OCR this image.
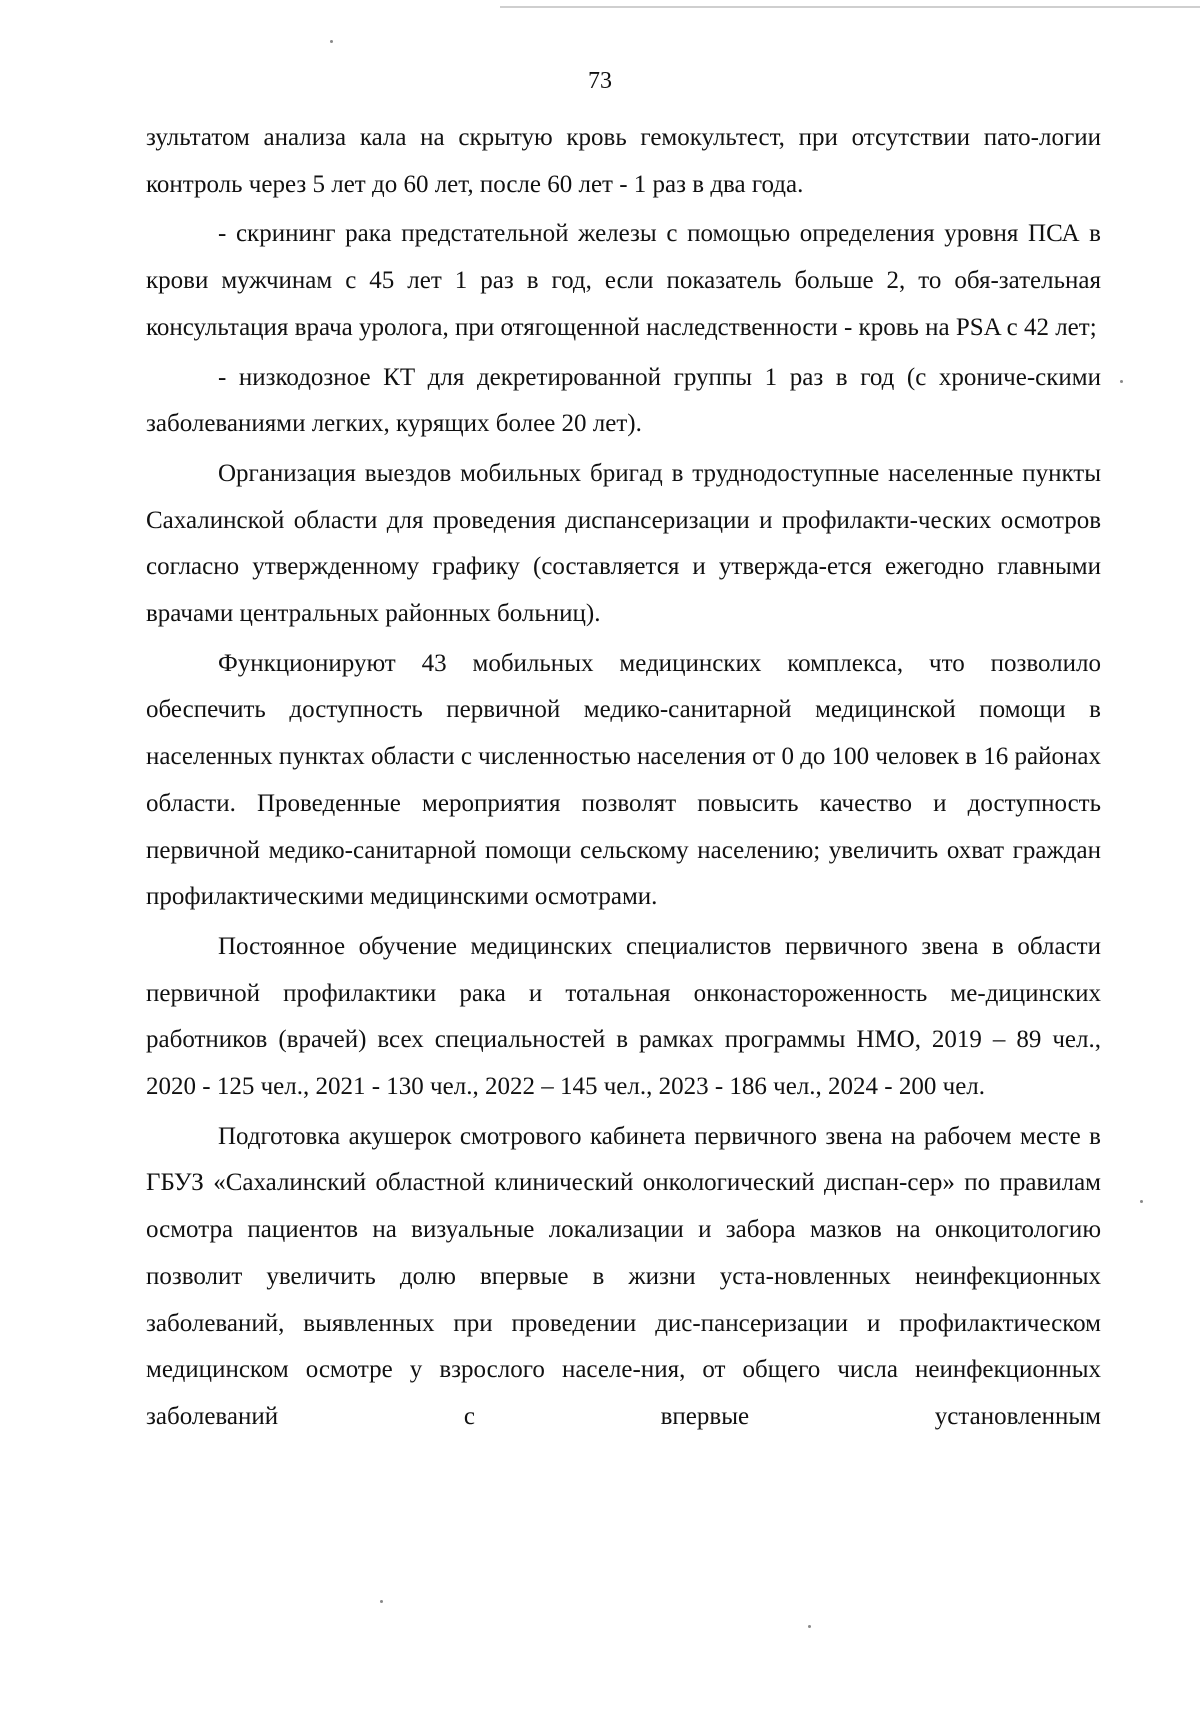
73

зультатом анализа кала на скрытую кровь гемокультест, при отсутствии пато-логии контроль через 5 лет до 60 лет, после 60 лет - 1 раз в два года.

- скрининг рака предстательной железы с помощью определения уровня ПСА в крови мужчинам с 45 лет 1 раз в год, если показатель больше 2, то обя-зательная консультация врача уролога, при отягощенной наследственности - кровь на PSA с 42 лет;

- низкодозное КТ для декретированной группы 1 раз в год (с хрониче-скими заболеваниями легких, курящих более 20 лет).

Организация выездов мобильных бригад в труднодоступные населенные пункты Сахалинской области для проведения диспансеризации и профилакти-ческих осмотров согласно утвержденному графику (составляется и утвержда-ется ежегодно главными врачами центральных районных больниц).

Функционируют 43 мобильных медицинских комплекса, что позволило обеспечить доступность первичной медико-санитарной медицинской помощи в населенных пунктах области с численностью населения от 0 до 100 человек в 16 районах области. Проведенные мероприятия позволят повысить качество и доступность первичной медико-санитарной помощи сельскому населению; увеличить охват граждан профилактическими медицинскими осмотрами.

Постоянное обучение медицинских специалистов первичного звена в области первичной профилактики рака и тотальная онконастороженность ме-дицинских работников (врачей) всех специальностей в рамках программы НМО, 2019 – 89 чел., 2020 - 125 чел., 2021 - 130 чел., 2022 – 145 чел., 2023 - 186 чел., 2024 - 200 чел.

Подготовка акушерок смотрового кабинета первичного звена на рабочем месте в ГБУЗ «Сахалинский областной клинический онкологический диспан-сер» по правилам осмотра пациентов на визуальные локализации и забора мазков на онкоцитологию позволит увеличить долю впервые в жизни уста-новленных неинфекционных заболеваний, выявленных при проведении дис-пансеризации и профилактическом медицинском осмотре у взрослого населе-ния, от общего числа неинфекционных заболеваний с впервые установленным
